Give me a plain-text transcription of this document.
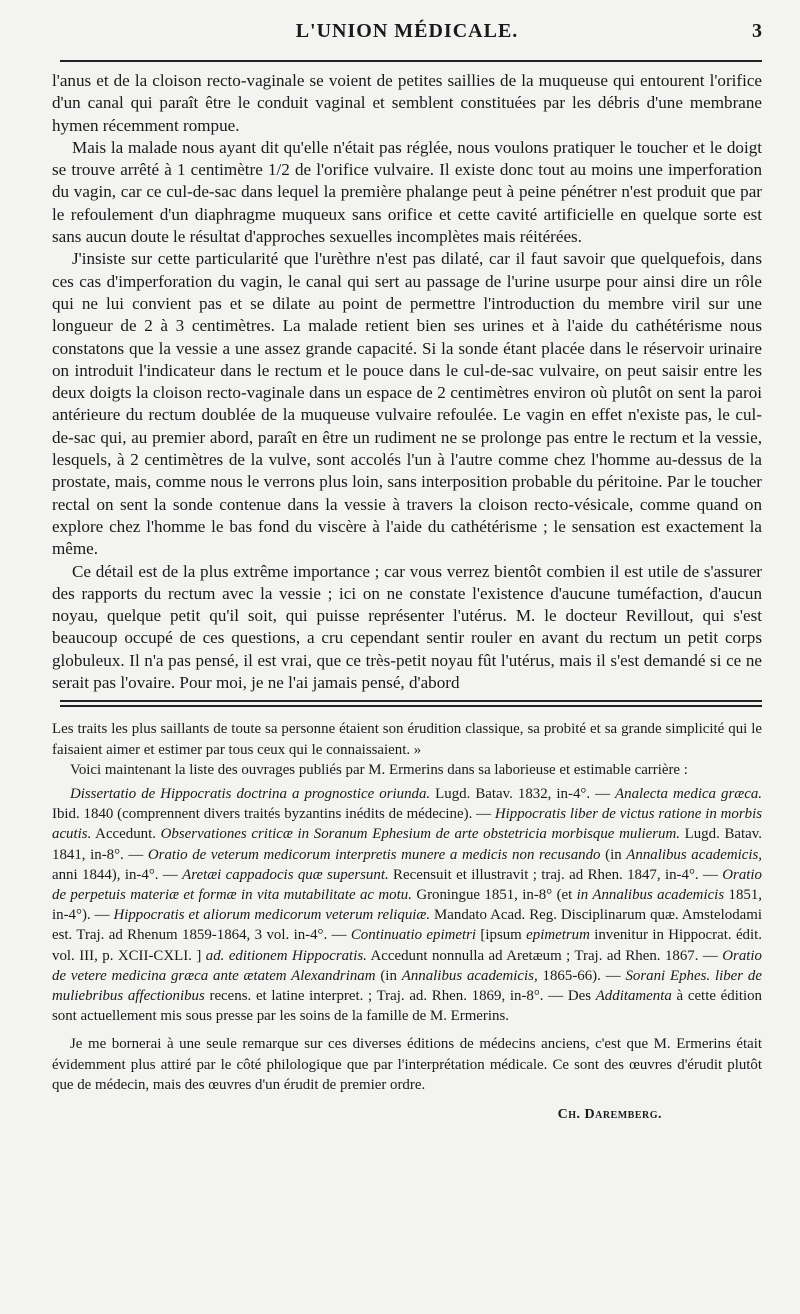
L'UNION MÉDICALE.	3

l'anus et de la cloison recto-vaginale se voient de petites saillies de la muqueuse qui entourent l'orifice d'un canal qui paraît être le conduit vaginal et semblent constituées par les débris d'une membrane hymen récemment rompue.

Mais la malade nous ayant dit qu'elle n'était pas réglée, nous voulons pratiquer le toucher et le doigt se trouve arrêté à 1 centimètre 1/2 de l'orifice vulvaire. Il existe donc tout au moins une imperforation du vagin, car ce cul-de-sac dans lequel la première phalange peut à peine pénétrer n'est produit que par le refoulement d'un diaphragme muqueux sans orifice et cette cavité artificielle en quelque sorte est sans aucun doute le résultat d'approches sexuelles incomplètes mais réitérées.

J'insiste sur cette particularité que l'urèthre n'est pas dilaté, car il faut savoir que quelquefois, dans ces cas d'imperforation du vagin, le canal qui sert au passage de l'urine usurpe pour ainsi dire un rôle qui ne lui convient pas et se dilate au point de permettre l'introduction du membre viril sur une longueur de 2 à 3 centimètres. La malade retient bien ses urines et à l'aide du cathétérisme nous constatons que la vessie a une assez grande capacité. Si la sonde étant placée dans le réservoir urinaire on introduit l'indicateur dans le rectum et le pouce dans le cul-de-sac vulvaire, on peut saisir entre les deux doigts la cloison recto-vaginale dans un espace de 2 centimètres environ où plutôt on sent la paroi antérieure du rectum doublée de la muqueuse vulvaire refoulée. Le vagin en effet n'existe pas, le cul-de-sac qui, au premier abord, paraît en être un rudiment ne se prolonge pas entre le rectum et la vessie, lesquels, à 2 centimètres de la vulve, sont accolés l'un à l'autre comme chez l'homme au-dessus de la prostate, mais, comme nous le verrons plus loin, sans interposition probable du péritoine. Par le toucher rectal on sent la sonde contenue dans la vessie à travers la cloison recto-vésicale, comme quand on explore chez l'homme le bas fond du viscère à l'aide du cathétérisme ; le sensation est exactement la même.

Ce détail est de la plus extrême importance ; car vous verrez bientôt combien il est utile de s'assurer des rapports du rectum avec la vessie ; ici on ne constate l'existence d'aucune tuméfaction, d'aucun noyau, quelque petit qu'il soit, qui puisse représenter l'utérus. M. le docteur Revillout, qui s'est beaucoup occupé de ces questions, a cru cependant sentir rouler en avant du rectum un petit corps globuleux. Il n'a pas pensé, il est vrai, que ce très-petit noyau fût l'utérus, mais il s'est demandé si ce ne serait pas l'ovaire. Pour moi, je ne l'ai jamais pensé, d'abord

Les traits les plus saillants de toute sa personne étaient son érudition classique, sa probité et sa grande simplicité qui le faisaient aimer et estimer par tous ceux qui le connaissaient. »

Voici maintenant la liste des ouvrages publiés par M. Ermerins dans sa laborieuse et estimable carrière :

Dissertatio de Hippocratis doctrina a prognostice oriunda. Lugd. Batav. 1832, in-4°. — Analecta medica græca. Ibid. 1840 (comprennent divers traités byzantins inédits de médecine). — Hippocratis liber de victus ratione in morbis acutis. Accedunt. Observationes criticæ in Soranum Ephesium de arte obstetricia morbisque mulierum. Lugd. Batav. 1841, in-8°. — Oratio de veterum medicorum interpretis munere a medicis non recusando (in Annalibus academicis, anni 1844), in-4°. — Aretæi cappadocis quæ supersunt. Recensuit et illustravit ; traj. ad Rhen. 1847, in-4°. — Oratio de perpetuis materiæ et formæ in vita mutabilitate ac motu. Groningue 1851, in-8° (et in Annalibus academicis 1851, in-4°). — Hippocratis et aliorum medicorum veterum reliquiæ. Mandato Acad. Reg. Disciplinarum quæ. Amstelodami est. Traj. ad Rhenum 1859-1864, 3 vol. in-4°. — Continuatio epimetri [ipsum epimetrum invenitur in Hippocrat. édit. vol. III, p. XCII-CXLI. ] ad. editionem Hippocratis. Accedunt nonnulla ad Aretæum ; Traj. ad Rhen. 1867. — Oratio de vetere medicina græca ante ætatem Alexandrinam (in Annalibus academicis, 1865-66). — Sorani Ephes. liber de muliebribus affectionibus recens. et latine interpret. ; Traj. ad. Rhen. 1869, in-8°. — Des Additamenta à cette édition sont actuellement mis sous presse par les soins de la famille de M. Ermerins.

Je me bornerai à une seule remarque sur ces diverses éditions de médecins anciens, c'est que M. Ermerins était évidemment plus attiré par le côté philologique que par l'interprétation médicale. Ce sont des œuvres d'érudit plutôt que de médecin, mais des œuvres d'un érudit de premier ordre.

Ch. Daremberg.
